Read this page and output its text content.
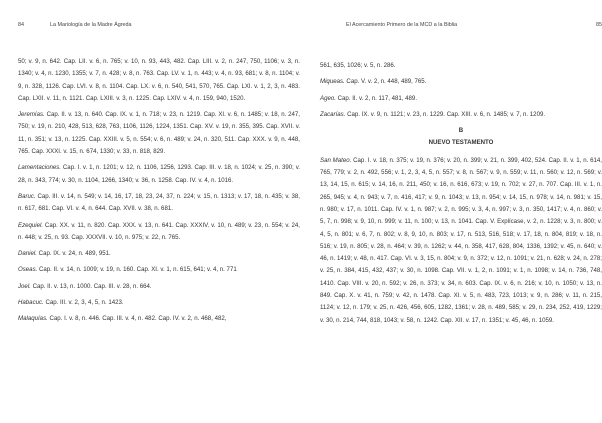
84	La Mariología de la Madre Ágreda

50; v. 9, n. 642. Cap. LII. v. 6, n. 765; v. 10, n. 93, 443, 482. Cap. LIII. v. 2, n. 247, 750, 1106; v. 3, n. 1340; v. 4, n. 1230, 1355; v. 7, n. 428; v. 8, n. 763. Cap. LV. v. 1, n. 443; v. 4, n. 93, 681; v. 8, n. 1104; v. 9, n. 328, 1126. Cap. LVI. v. 8, n. 1104. Cap. LX. v. 6, n. 540, 541, 570, 765. Cap. LXI. v. 1, 2, 3, n. 483. Cap. LXII. v. 11, n. 1121. Cap. LXIII. v. 3, n. 1225. Cap. LXIV. v. 4, n. 159, 940, 1520.

Jeremías. Cap. II. v. 13, n. 640. Cap. IX. v. 1, n. 718; v. 23, n. 1219. Cap. XI. v. 6, n. 1485; v. 18, n. 247, 750; v. 19, n. 210, 428, 513, 628, 763, 1106, 1126, 1224, 1351. Cap. XV. v. 19, n. 355, 395. Cap. XVII. v. 11, n. 351; v. 13, n. 1225. Cap. XXIII. v. 5, n. 554; v. 6, n. 489; v. 24, n. 320, 511. Cap. XXX. v. 9, n. 448, 765. Cap. XXXI. v. 15, n. 674, 1330; v. 33, n. 818, 829.

Lamentaciones. Cap. I. v. 1, n. 1201; v. 12, n. 1106, 1256, 1293. Cap. III. v. 18, n. 1024; v. 25, n. 390; v. 28, n. 343, 774; v. 30, n. 1104, 1266, 1340; v. 36, n. 1258. Cap. IV. v. 4, n. 1016.

Baruc. Cap. III. v. 14, n. 549; v. 14, 16, 17, 18, 23, 24, 37, n. 224; v. 15, n. 1313; v. 17, 18, n. 435; v. 38, n. 617, 681. Cap. VI. v. 4, n. 644. Cap. XVII. v. 38, n. 681.

Ezequiel. Cap. XX. v. 11, n. 820. Cap. XXX. v. 13, n. 641. Cap. XXXIV. v. 10, n. 489; v. 23, n. 554; v. 24, n. 448; v. 25, n. 93. Cap. XXXVII. v. 10, n. 975; v. 22, n. 765.

Daniel. Cap. IX. v. 24, n. 489, 951.

Oseas. Cap. II. v. 14, n. 1009; v. 19, n. 160. Cap. XI. v. 1, n. 615, 641; v. 4, n. 771

Joel. Cap. II. v. 13, n. 1000. Cap. III. v. 28, n. 664.

Habacuc. Cap. III. v. 2, 3, 4, 5, n. 1423.

Malaquías. Cap. I. v. 8, n. 446. Cap. III. v. 4, n. 482. Cap. IV. v. 2, n. 468, 482,

El Acercamiento Primero de la MCD a la Biblia	85

561, 635, 1026; v. 5, n. 286.

Miqueas. Cap. V. v. 2, n. 448, 489, 765.

Ageo. Cap. II. v. 2, n. 117, 481, 489.

Zacarías. Cap. IX. v. 9, n. 1121; v. 23, n. 1229. Cap. XIII. v. 6, n. 1485; v. 7, n. 1209.

B
NUEVO TESTAMENTO

San Mateo. Cap. I. v. 18, n. 375; v. 19, n. 376; v. 20, n. 399; v. 21, n. 399, 402, 524. Cap. II. v. 1, n. 614, 765, 779; v. 2, n. 492, 556; v. 1, 2, 3, 4, 5, n. 557; v. 8, n. 567; v. 9, n. 559; v. 11, n. 560; v. 12, n. 569; v. 13, 14, 15, n. 615; v. 14, 16, n. 211, 450; v. 16, n. 616, 673; v. 19, n. 702; v. 27, n. 707. Cap. III. v. 1, n. 265, 945; v. 4, n. 943; v. 7, n. 416, 417; v. 9, n. 1043; v. 13, n. 954; v. 14, 15, n. 978; v. 14, n. 981; v. 15, n. 980; v. 17, n. 1011. Cap. IV. v. 1, n. 987; v. 2, n. 995; v. 3, 4, n. 997; v. 3, n. 350, 1417; v. 4, n. 860; v. 5, 7, n. 998; v. 9, 10, n. 999; v. 11, n. 100; v. 13, n. 1041. Cap. V. Explícase, v. 2, n. 1228; v. 3, n. 800; v. 4, 5, n. 801; v. 6, 7, n. 802; v. 8, 9, 10, n. 803; v. 17, n. 513, 516, 518; v. 17, 18, n. 804, 819; v. 18, n. 516; v. 19, n. 805; v. 28, n. 464; v. 39, n. 1262; v. 44, n. 358, 417, 628, 804, 1336, 1392; v. 45, n. 640; v. 46, n. 1419; v. 48, n. 417. Cap. VI. v. 3, 15, n. 804; v. 9, n. 372; v. 12, n. 1091; v. 21, n. 628; v. 24, n. 278; v. 25, n. 384, 415, 432, 437; v. 30, n. 1098. Cap. VII. v. 1, 2, n. 1091; v. 1, n. 1098; v. 14, n. 736, 748, 1410. Cap. VIII. v. 20, n. 592; v. 26, n. 373; v. 34, n. 603. Cap. IX. v. 6, n. 216; v. 10, n. 1050; v. 13, n. 849. Cap. X. v. 41, n. 759; v. 42, n. 1478. Cap. XI. v. 5, n. 483, 723, 1013; v. 9, n. 286; v. 11, n. 215, 1124; v. 12, n. 179; v. 25, n. 426, 456, 605, 1282, 1361; v. 28, n. 489, 585; v. 29, n. 234, 252, 419, 1229; v. 30, n. 214, 744, 818, 1043; v. 58, n. 1242. Cap. XII. v. 17, n. 1351; v. 45, 46, n. 1059.
